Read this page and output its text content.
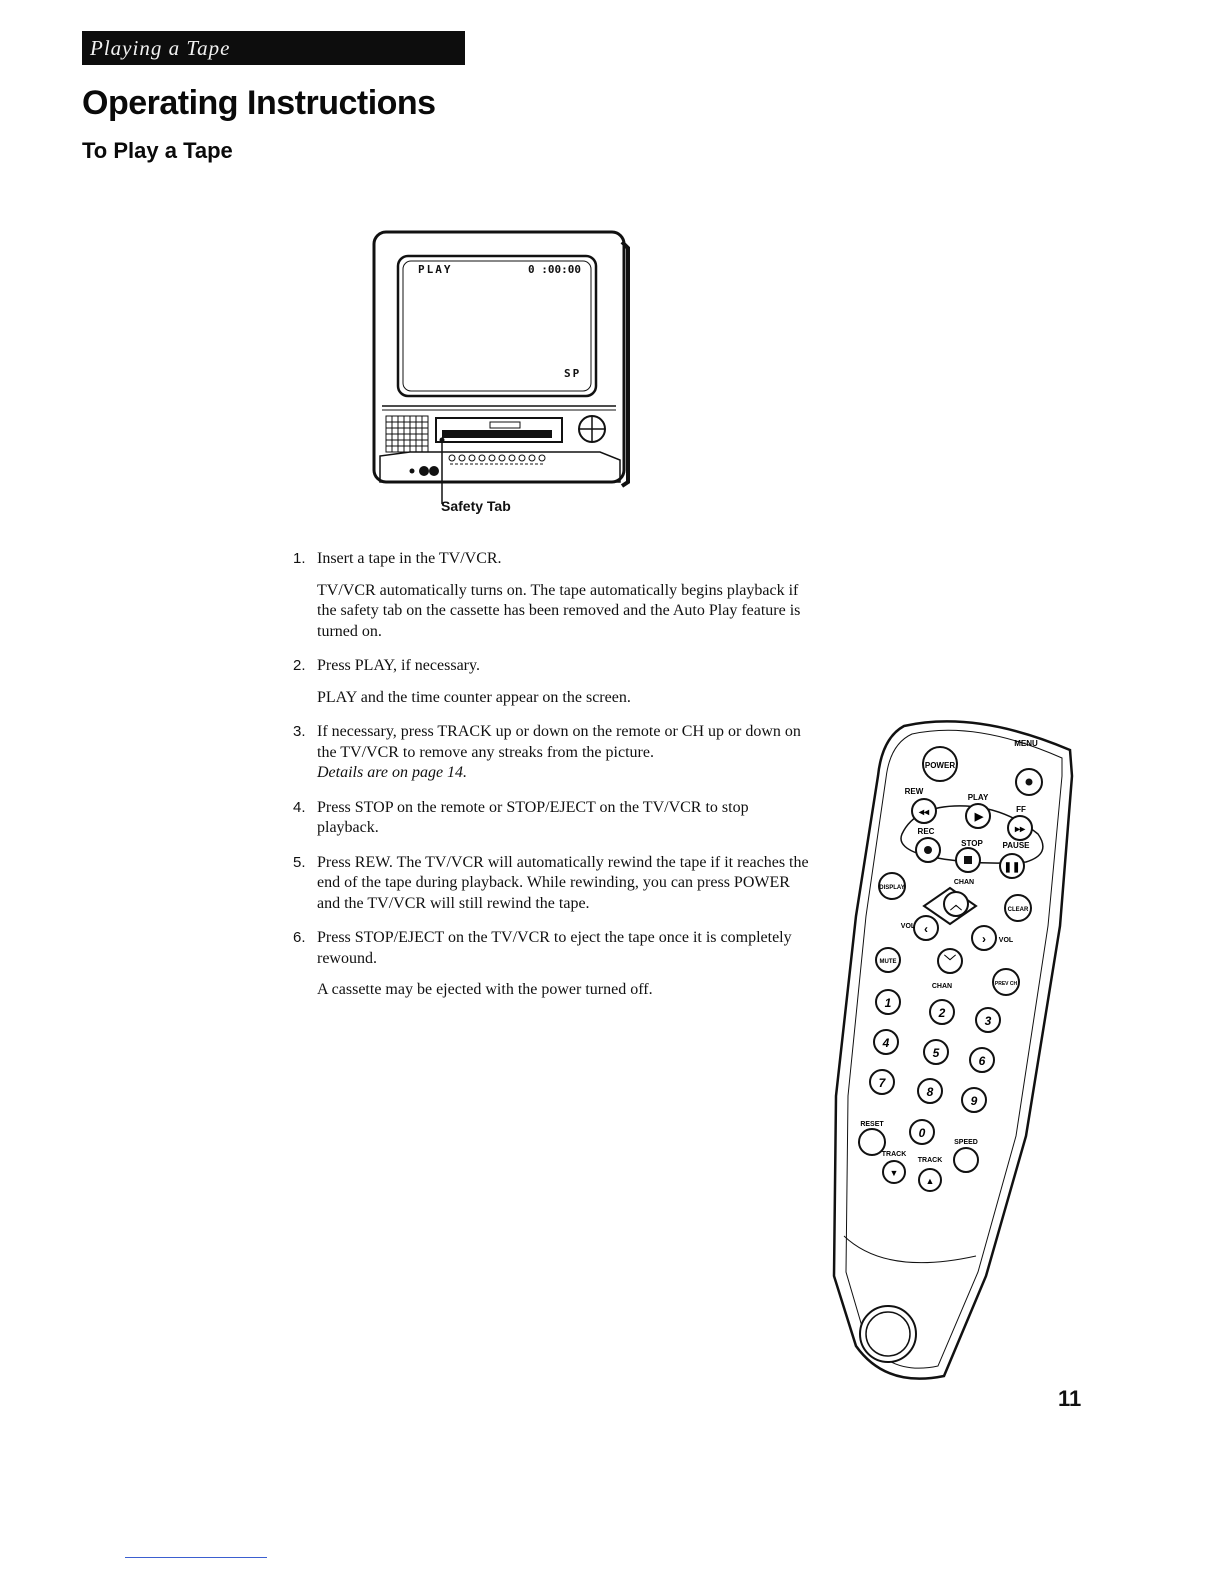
Playing a Tape
Operating Instructions
To Play a Tape
PLAY	0 :00:00
SP
Safety Tab
1. Insert a tape in the TV/VCR.

TV/VCR automatically turns on. The tape automatically begins playback if the safety tab on the cassette has been removed and the Auto Play feature is turned on.

2. Press PLAY, if necessary.

PLAY and the time counter appear on the screen.

3. If necessary, press TRACK up or down on the remote or CH up or down on the TV/VCR to remove any streaks from the picture.

Details are on page 14.

4. Press STOP on the remote or STOP/EJECT on the TV/VCR to stop playback.

5. Press REW. The TV/VCR will automatically rewind the tape if it reaches the end of the tape during playback. While rewinding, you can press POWER and the TV/VCR will still rewind the tape.

6. Press STOP/EJECT on the TV/VCR to eject the tape once it is completely rewound.

A cassette may be ejected with the power turned off.

POWER
MENU
REW
◂◂
PLAY
▶
FF
▸▸
REC
STOP PAUSE
❚❚
DISPLAY
CLEAR
CHAN
︿
‹
›
﹀
CHAN
VOL
VOL
MUTE
PREV CH
1
2
3
4
5
6
7
8
9
0
RESET
SPEED
TRACK
▼
TRACK
▲
11
